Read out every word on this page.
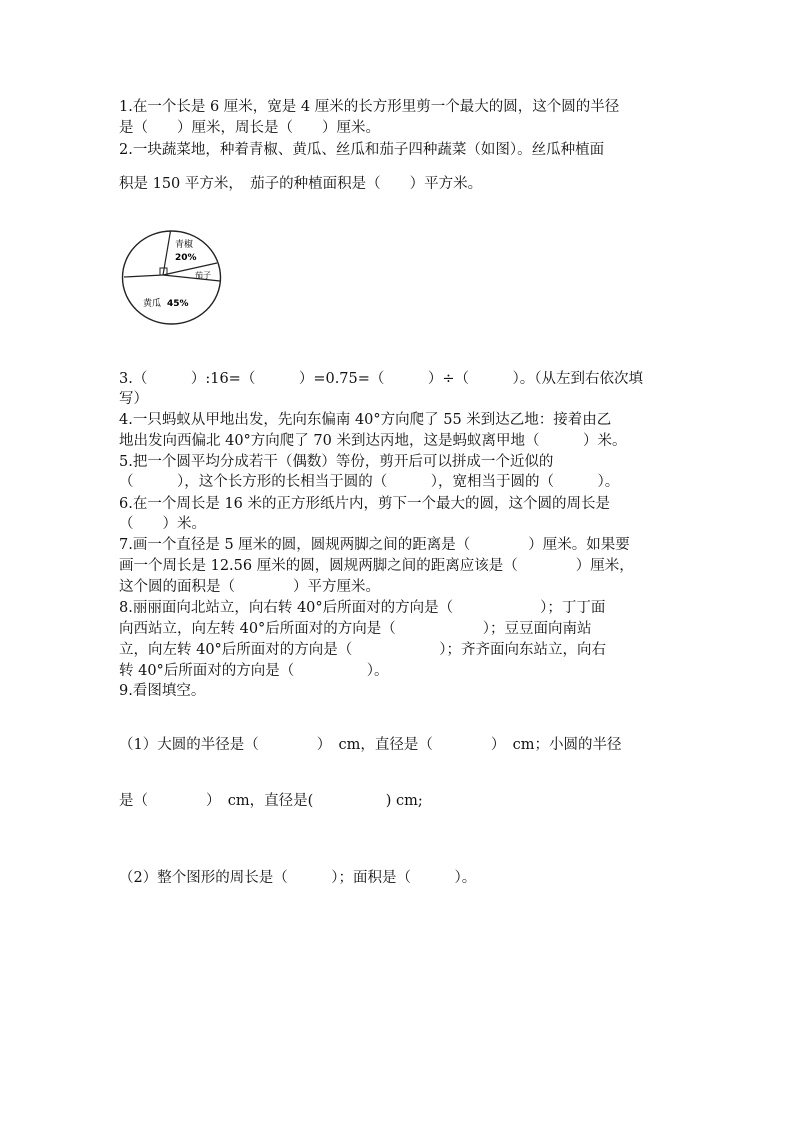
1.在一个长是 6 厘米，宽是 4 厘米的长方形里剪一个最大的圆，这个圆的半径
是（　　）厘米，周长是（　　）厘米。
2.一块蔬菜地，种着青椒、黄瓜、丝瓜和茄子四种蔬菜（如图）。丝瓜种植面
积是 150 平方米，　茄子的种植面积是（　　）平方米。
青椒
20%
茄子
黄瓜 45%
3.（　　　）:16=（　　　）=0.75=（　　　）÷（　　　）。（从左到右依次填
写）
4.一只蚂蚁从甲地出发，先向东偏南 40°方向爬了 55 米到达乙地：接着由乙
地出发向西偏北 40°方向爬了 70 米到达丙地，这是蚂蚁离甲地（　　　）米。
5.把一个圆平均分成若干（偶数）等份，剪开后可以拼成一个近似的
（　　　），这个长方形的长相当于圆的（　　　），宽相当于圆的（　　　）。
6.在一个周长是 16 米的正方形纸片内，剪下一个最大的圆，这个圆的周长是
（　　）米。
7.画一个直径是 5 厘米的圆，圆规两脚之间的距离是（　　　　）厘米。如果要
画一个周长是 12.56 厘米的圆，圆规两脚之间的距离应该是（　　　　）厘米，
这个圆的面积是（　　　　）平方厘米。
8.丽丽面向北站立，向右转 40°后所面对的方向是（　　　　　　）；丁丁面
向西站立，向左转 40°后所面对的方向是（　　　　　　）；豆豆面向南站
立，向左转 40°后所面对的方向是（　　　　　　）；齐齐面向东站立，向右
转 40°后所面对的方向是（　　　　　）。
9.看图填空。
（1）大圆的半径是（　　　　）　cm，直径是（　　　　）　cm；小圆的半径
是（　　　　）　cm，直径是(　　　　　) cm;
（2）整个图形的周长是（　　　）；面积是（　　　）。
